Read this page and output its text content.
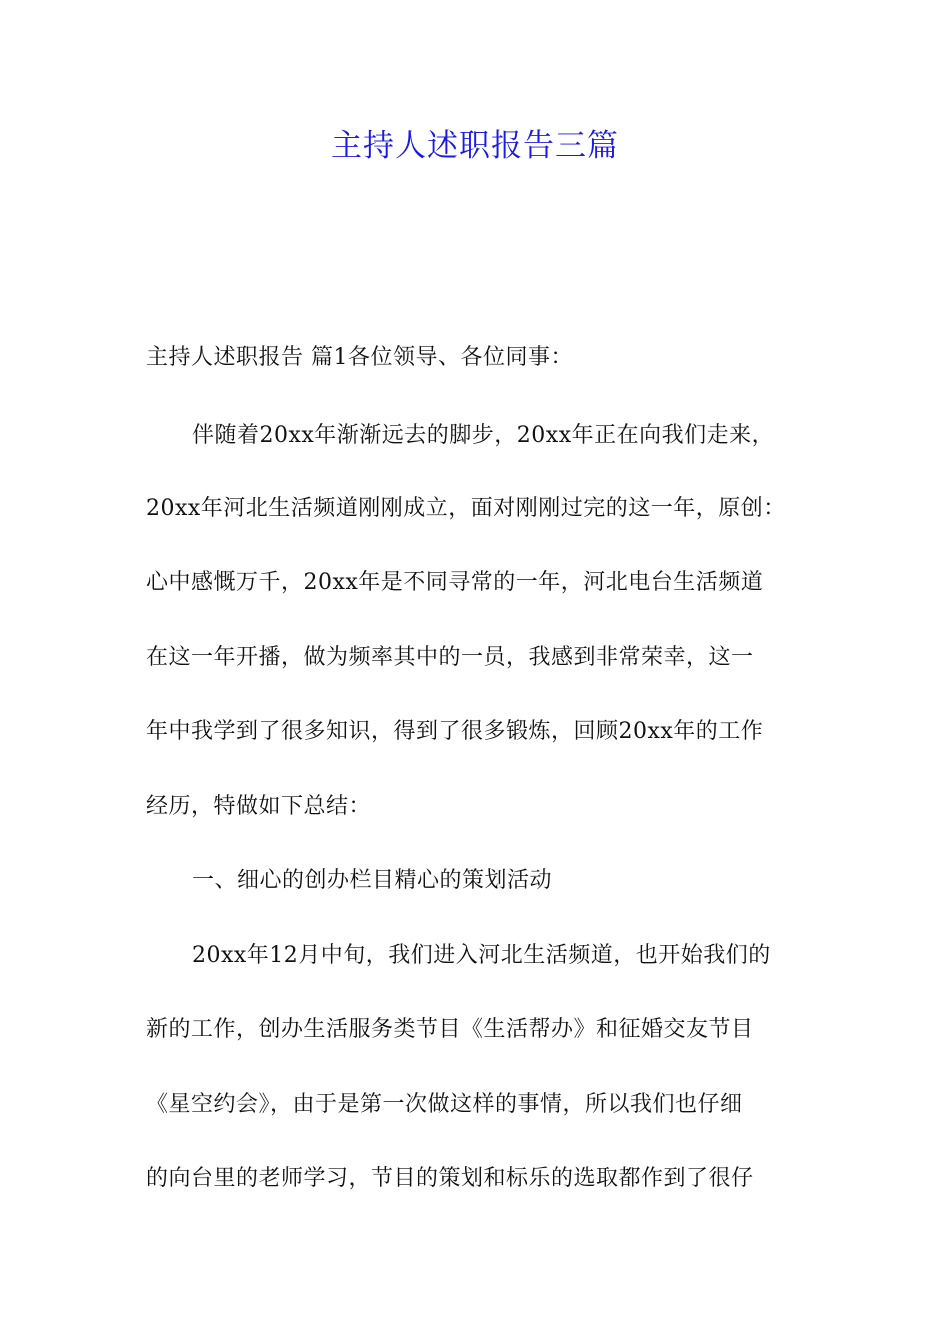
主持人述职报告三篇

主持人述职报告 篇1各位领导、各位同事：

伴随着20xx年渐渐远去的脚步，20xx年正在向我们走来，

20xx年河北生活频道刚刚成立，面对刚刚过完的这一年，原创：

心中感慨万千，20xx年是不同寻常的一年，河北电台生活频道

在这一年开播，做为频率其中的一员，我感到非常荣幸，这一

年中我学到了很多知识，得到了很多锻炼，回顾20xx年的工作

经历，特做如下总结：

一、细心的创办栏目精心的策划活动

20xx年12月中旬，我们进入河北生活频道，也开始我们的

新的工作，创办生活服务类节目《生活帮办》和征婚交友节目

《星空约会》，由于是第一次做这样的事情，所以我们也仔细

的向台里的老师学习，节目的策划和标乐的选取都作到了很仔
